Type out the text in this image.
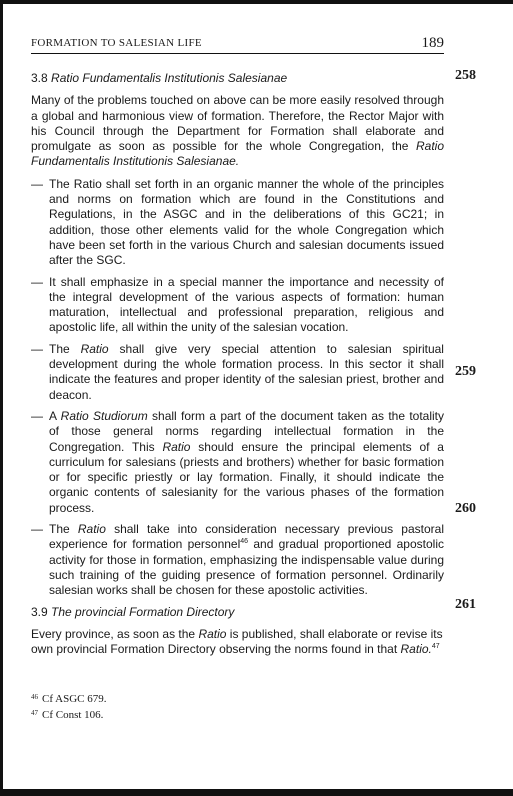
FORMATION TO SALESIAN LIFE	189
258
259
260
261
3.8 Ratio Fundamentalis Institutionis Salesianae

Many of the problems touched on above can be more easily resolved through a global and harmonious view of formation. Therefore, the Rector Major with his Council through the Department for Formation shall elaborate and promulgate as soon as possible for the whole Congregation, the Ratio Fundamentalis Institutionis Salesianae.

— The Ratio shall set forth in an organic manner the whole of the principles and norms on formation which are found in the Constitutions and Regulations, in the ASGC and in the deliberations of this GC21; in addition, those other elements valid for the whole Congregation which have been set forth in the various Church and salesian documents issued after the SGC.
— It shall emphasize in a special manner the importance and necessity of the integral development of the various aspects of formation: human maturation, intellectual and professional preparation, religious and apostolic life, all within the unity of the salesian vocation.
— The Ratio shall give very special attention to salesian spiritual development during the whole formation process. In this sector it shall indicate the features and proper identity of the salesian priest, brother and deacon.
— A Ratio Studiorum shall form a part of the document taken as the totality of those general norms regarding intellectual formation in the Congregation. This Ratio should ensure the principal elements of a curriculum for salesians (priests and brothers) whether for basic formation or for specific priestly or lay formation. Finally, it should indicate the organic contents of salesianity for the various phases of the formation process.
— The Ratio shall take into consideration necessary previous pastoral experience for formation personnel$^{46}$ and gradual proportioned apostolic activity for those in formation, emphasizing the indispensable value during such training of the guiding presence of formation personnel. Ordinarily salesian works shall be chosen for these apostolic activities.
3.9 The provincial Formation Directory

Every province, as soon as the Ratio is published, shall elaborate or revise its own provincial Formation Directory observing the norms found in that Ratio.$^{47}$

$^{46}$ Cf ASGC 679.
$^{47}$ Cf Const 106.
